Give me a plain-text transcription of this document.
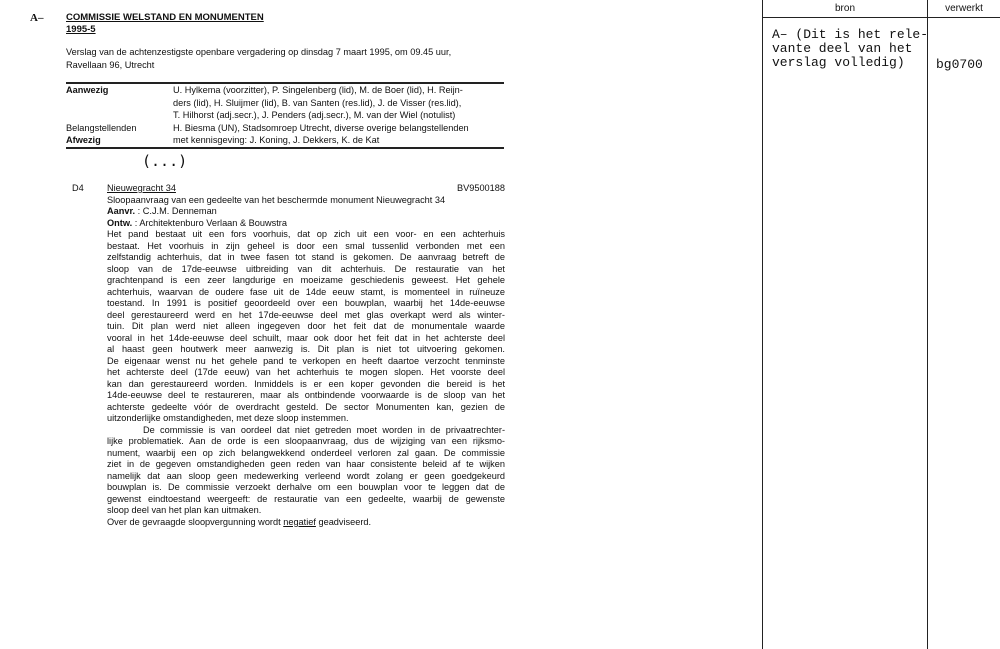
A– COMMISSIE WELSTAND EN MONUMENTEN
1995-5
Verslag van de achtenzestigste openbare vergadering op dinsdag 7 maart 1995, om 09.45 uur,
Ravellaan 96, Utrecht
Aanwezig	U. Hylkema (voorzitter), P. Singelenberg (lid), M. de Boer (lid), H. Reijn-
ders (lid), H. Sluijmer (lid), B. van Santen (res.lid), J. de Visser (res.lid),
T. Hilhorst (adj.secr.), J. Penders (adj.secr.), M. van der Wiel (notulist)
Belangstellenden	H. Biesma (UN), Stadsomroep Utrecht, diverse overige belangstellenden
Afwezig	met kennisgeving: J. Koning, J. Dekkers, K. de Kat
(...)
D4	Nieuwegracht 34	BV9500188
Sloopaanvraag van een gedeelte van het beschermde monument Nieuwegracht 34
Aanvr. : C.J.M. Denneman
Ontw. : Architektenburo Verlaan & Bouwstra
Het pand bestaat uit een fors voorhuis, dat op zich uit een voor- en een achterhuis
bestaat. Het voorhuis in zijn geheel is door een smal tussenlid verbonden met een
zelfstandig achterhuis, dat in twee fasen tot stand is gekomen. De aanvraag betreft de
sloop van de 17de-eeuwse uitbreiding van dit achterhuis. De restauratie van het
grachtenpand is een zeer langdurige en moeizame geschiedenis geweest. Het gehele
achterhuis, waarvan de oudere fase uit de 14de eeuw stamt, is momenteel in ruïneuze
toestand. In 1991 is positief geoordeeld over een bouwplan, waarbij het 14de-eeuwse
deel gerestaureerd werd en het 17de-eeuwse deel met glas overkapt werd als winter-
tuin. Dit plan werd niet alleen ingegeven door het feit dat de monumentale waarde
vooral in het 14de-eeuwse deel schuilt, maar ook door het feit dat in het achterste deel
al haast geen houtwerk meer aanwezig is. Dit plan is niet tot uitvoering gekomen.
De eigenaar wenst nu het gehele pand te verkopen en heeft daartoe verzocht tenminste
het achterste deel (17de eeuw) van het achterhuis te mogen slopen. Het voorste deel
kan dan gerestaureerd worden. Inmiddels is er een koper gevonden die bereid is het
14de-eeuwse deel te restaureren, maar als ontbindende voorwaarde is de sloop van het
achterste gedeelte vóór de overdracht gesteld. De sector Monumenten kan, gezien de
uitzonderlijke omstandigheden, met deze sloop instemmen.
De commissie is van oordeel dat niet getreden moet worden in de privaatrechter-
lijke problematiek. Aan de orde is een sloopaanvraag, dus de wijziging van een rijksmo-
nument, waarbij een op zich belangwekkend onderdeel verloren zal gaan. De commissie
ziet in de gegeven omstandigheden geen reden van haar consistente beleid af te wijken
namelijk dat aan sloop geen medewerking verleend wordt zolang er geen goedgekeurd
bouwplan is. De commissie verzoekt derhalve om een bouwplan voor te leggen dat de
gewenst eindtoestand weergeeft: de restauratie van een gedeelte, waarbij de gewenste
sloop deel van het plan kan uitmaken.
Over de gevraagde sloopvergunning wordt negatief geadviseerd.
bron	verwerkt
A– (Dit is het rele-
vante deel van het
verslag volledig)	bg0700
